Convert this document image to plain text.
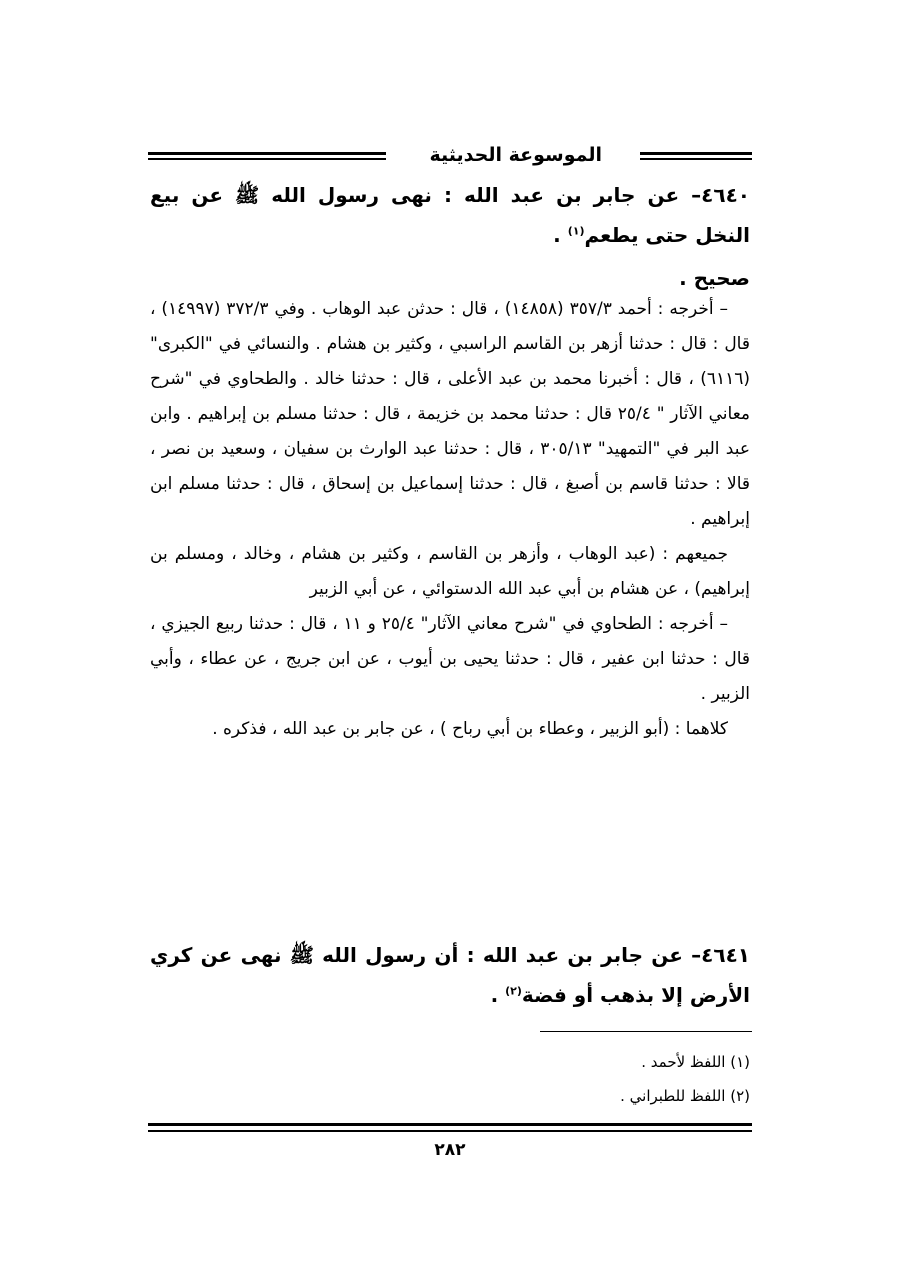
الموسوعة الحديثية
٤٦٤٠– عن جابر بن عبد الله : نهى رسول الله ﷺ عن بيع النخل حتى يطعم$^{(١)}$ .
صحيح .

– أخرجه : أحمد ٣٥٧/٣ (١٤٨٥٨) ، قال : حدثن عبد الوهاب . وفي ٣٧٢/٣ (١٤٩٩٧) ، قال : قال : حدثنا أزهر بن القاسم الراسبي ، وكثير بن هشام . والنسائي في "الكبرى" (٦١١٦) ، قال : أخبرنا محمد بن عبد الأعلى ، قال : حدثنا خالد . والطحاوي في "شرح معاني الآثار " ٢٥/٤ قال : حدثنا محمد بن خزيمة ، قال : حدثنا مسلم بن إبراهيم . وابن عبد البر في "التمهيد" ٣٠٥/١٣ ، قال : حدثنا عبد الوارث بن سفيان ، وسعيد بن نصر ، قالا : حدثنا قاسم بن أصبغ ، قال : حدثنا إسماعيل بن إسحاق ، قال : حدثنا مسلم ابن إبراهيم .

جميعهم : (عبد الوهاب ، وأزهر بن القاسم ، وكثير بن هشام ، وخالد ، ومسلم بن إبراهيم) ، عن هشام بن أبي عبد الله الدستوائي ، عن أبي الزبير

– أخرجه : الطحاوي في "شرح معاني الآثار" ٢٥/٤ و ١١ ، قال : حدثنا ربيع الجيزي ، قال : حدثنا ابن عفير ، قال : حدثنا يحيى بن أيوب ، عن ابن جريج ، عن عطاء ، وأبي الزبير .

كلاهما : (أبو الزبير ، وعطاء بن أبي رباح ) ، عن جابر بن عبد الله ، فذكره .

٤٦٤١– عن جابر بن عبد الله : أن رسول الله ﷺ نهى عن كري الأرض إلا بذهب أو فضة$^{(٢)}$ .
(١) اللفظ لأحمد .
(٢) اللفظ للطبراني .
٢٨٢
